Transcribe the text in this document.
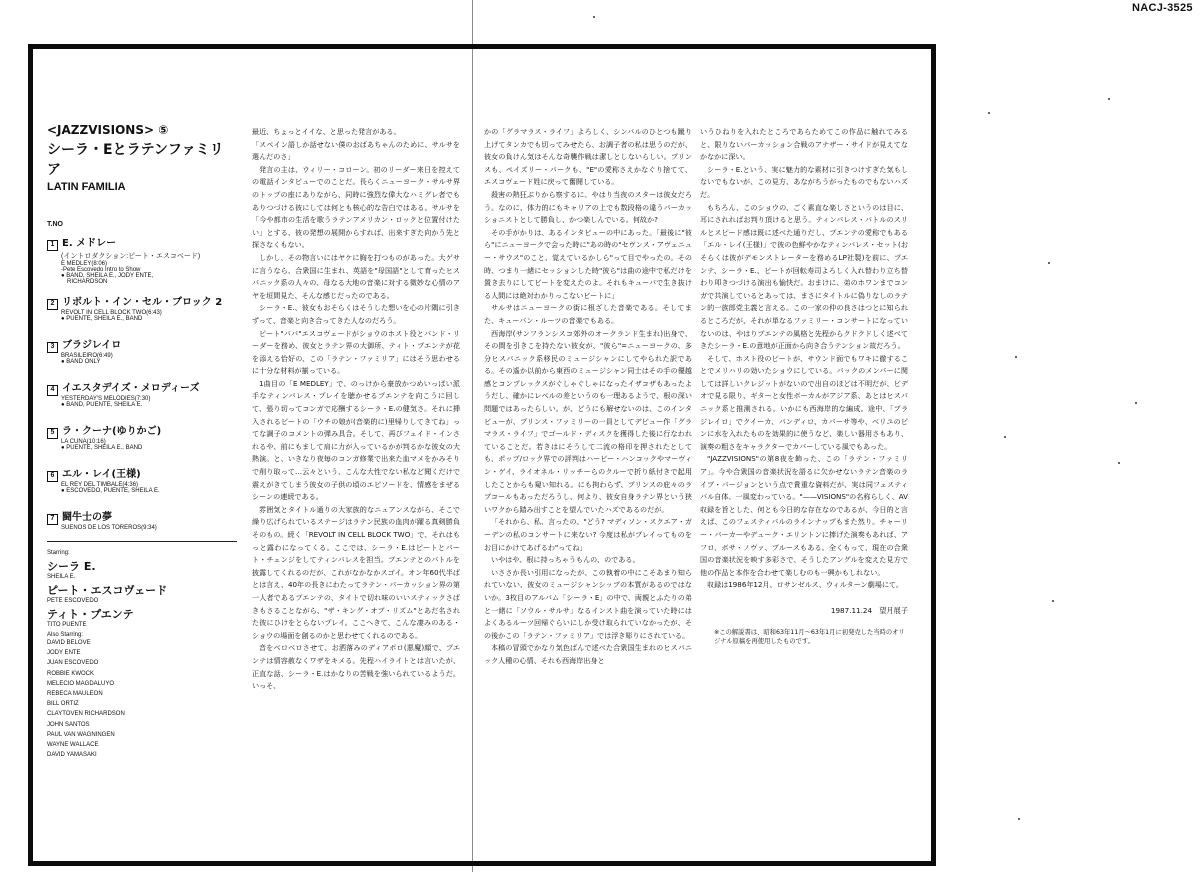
NACJ-3525
<JAZZVISIONS> ⑤
シーラ・Eとラテンファミリア
LATIN FAMILIA
T.NO
1 E. メドレー
(イントロダクション:ピート・エスコベード)
E MEDLEY(8:06)
-Pete Escovedo Intro to Show
● BAND, SHEILA E., JODY ENTE,
RICHARDSON
2 リボルト・イン・セル・ブロック 2
REVOLT IN CELL BLOCK TWO(6:43)
● PUENTE, SHEILA E., BAND
3 ブラジレイロ
BRASILEIRO(6:49)
● BAND ONLY
4 イエスタデイズ・メロディーズ
YESTERDAY'S MELODIES(7:30)
● BAND, PUENTE, SHEILA E.
5 ラ・クーナ(ゆりかご)
LA CUNA(10:16)
● PUENTE, SHEILA E., BAND
6 エル・レイ(王様)
EL REY DEL TIMBALE(4:36)
● ESCOVEDO, PUENTE, SHEILA E.
7 闘牛士の夢
SUENOS DE LOS TOREROS(9:34)
Starring:
シーラ E.
SHEILA E.
ピート・エスコヴェード
PETE ESCOVEDO
ティト・プエンテ
TITO PUENTE
Also Starring:
DAVID BELOVE
JODY ENTE
JUAN ESCOVEDO
ROBBIE KWOCK
MELECIO MAGDALUYO
REBECA MAULEON
BILL ORTIZ
CLAYTOVEN RICHARDSON
JOHN SANTOS
PAUL VAN WAGNINGEN
WAYNE WALLACE
DAVID YAMASAKI

最近、ちょっとイイな、と思った発言がある。

「スペイン語しか話せない僕のおばあちゃんのために、サルサを選んだのさ」

発言の主は、ウィリー・コローン。初のリーダー来日を控えての電話インタビューでのことだ。長らくニューヨーク・サルサ界のトップの座にありながら、同時に強烈な偉大なハミグレ者でもありつづける彼にしては何とも核心的な告白ではある。サルサを「今や都市の生活を歌うラテンアメリカン・ロックと位置付けたい」とする、彼の発想の展開からすれば、出来すぎた向かう先と探さなくもない。

しかし、その物言いにはヤケに胸を打つものがあった。大ゲサに言うなら、合衆国に生まれ、英語を"母国語"として育ったヒスパニック系の人々の、母なる大地の音楽に対する微妙な心情のアヤを垣間見た、そんな感じだったのである。

シーラ・E.、彼女もおそらくはそうした想いを心の片隅に引きずって、音楽と向き合ってきた人なのだろう。

ピート"パパ"エスコヴェードがショウのホスト役とバンド・リーダーを務め、彼女とラテン界の大御所、ティト・プエンテが花を添える恰好の、この「ラテン・ファミリア」にはそう思わせるに十分な材料が揃っている。

1曲目の「E MEDLEY」で、のっけから豪放かつめいっぱい派手なティンバレス・プレイを聴かせるプエンテを向こうに回して、張り切ってコンガで応酬するシーラ・E.の健気さ。それに挿入されるピートの「ウチの娘が(音楽的に)里帰りしてきてね」ってな調子のコメントの弾み具合。そして、再びフェイド・インされるや、前にもまして肩に力が入っているかが判るかな彼女の大熱演。と、いきなり夜毎のコンガ修業で出来た血マメをかみそりで削り取って…云々という、こんな大性でない私など聞くだけで震えがきてしまう彼女の子供の頃のエピソードを、情感をまぜるシーンの連続である。

雰囲気とタイトル通りの大家族的なニュアンスながら、そこで繰り広げられているステージはラテン民族の血肉が躍る真剣勝負そのもの。続く「REVOLT IN CELL BLOCK TWO」で、それはもっと露わになってくる。ここでは、シーラ・E.はピートとパート・チェンジをしてティンバレスを担当。プエンテとのバトルを披露してくれるのだが、これがなかなかスゴイ。オン年60代半ばとは言え、40年の長きにわたってラテン・パーカッション界の第一人者であるプエンテの、タイトで切れ味のいいスティックさばきもさることながら、"ザ・キング・オブ・リズム"とあだ名された彼にひけをとらないプレイ。ここへきて、こんな凄みのある・ショウの場面を創るのかと思わせてくれるのである。

音をベロベロさせて、お洒落みのディアボロ(悪魔)顔で、プエンテは情容赦なくワザをキメる。先程ハイライトとは言いたが、正直な話、シーラ・E.はかなりの苦戦を強いられているようだ。いっそ、

かの「グラマラス・ライフ」よろしく、シンバルのひとつも蹴り上げてタンカでも切ってみせたら、お調子者の私は思うのだが、彼女の負けん気はそんな奇襲作戦は潔しとしないらしい。プリンスも、ペイズリー・パークも、"E"の愛称さえかなぐり捨てて、エスコヴェード姓に戻って奮闘している。

殺害の熱狂ぶりから察するに、やはり当夜のスターは彼女だろう。なのに、体力的にもキャリアの上でも数段格の違うパーカッショニストとして勝負し、かつ楽しんでいる。何故か?

その手がかりは、あるインタビューの中にあった。「最後に"彼ら"にニューヨークで会った時に"あの時の"セヴンス・アヴェニュー・サウス"のこと、覚えているかしら"って目でやったの。その時、つまり一緒にセッションした時"彼ら"は曲の途中で私だけを置き去りにしてビートを変えたのよ。それもキューバで生き抜ける人間には絶対わかりっこないビートに」

サルサはニューヨークの街に根ざした音楽である。そしてまた、キューバン・ルーツの音楽でもある。

西海岸(サンフランシスコ郊外のオークランド生まれ)出身で、その間を引きこを持たない彼女が、"彼ら"=ニューヨークの、多分ヒスパニック系移民のミュージシャンにしてやられた訳である。その遙か以前から東西のミュージシャン同士はその手の優越感とコンプレックスがぐしゃぐしゃになったイザコザもあったようだし、確かにレベルの差というのも一理あるようで、根の深い問題ではあったらしい。が、どうにも解せないのは、このインタビューが、プリンス・ファミリーの一員としてデビュー作「グラマラス・ライフ」でゴールド・ディスクを獲得した後に行なわれていることだ。若きはにそうして二流の格印を押されたとしても、ポップ/ロック界での評判はハービー・ハンコックやマーヴィン・ゲイ、ライオネル・リッチーらのクルーで折り紙付きで起用したことからも窺い知れる。にも拘わらず、プリンスの庇々のラブコールもあっただろうし、何より、彼女自身ラテン界という狭いワクから踏み出すことを望んでいたハズであるのだが。

「それから、私、言ったの、"どう? マディソン・スクエア・ガーデンの私のコンサートに来ない? 今度は私がプレイってものをお目にかけてあげるわ"ってね」

いやはや、根に持っちゃうもんの、のである。

いささか長い引用になったが、この執着の中にこそあまり知られていない、彼女のミュージシャンシップの本質があるのではないか。3枚目のアルバム「シーラ・E」の中で、両親とふたりの弟と一緒に「ソウル・サルサ」なるインスト曲を演っていた時にはよくあるルーツ回帰ぐらいにしか受け取られていなかったが、その後かこの「ラテン・ファミリア」では浮き彫りにされている。

本稿の冒頭でかなり気色ばんで述べた合衆国生まれのヒスパニック人種の心情、それも西海岸出身と

いうひねりを入れたところであらためてこの作品に触れてみると、限りないパーカッション合戦のアナザー・サイドが見えてなかなかに深い。

シーラ・E.という、実に魅力的な素材に引きつけすぎた気もしないでもないが、この見方、あながちうがったものでもないハズだ。

もちろん、このショウの、ごく素直な楽しさというのは目に、耳にされればお判り頂けると思う。ティンバレス・バトルのスリルとスピード感は既に述べた通りだし、プエンテの愛称でもある「エル・レイ(王様)」で彼の色鮮やかなティンバレス・セット(おそらくは彼がデモンストレーターを務めるLP社製)を前に、プエンテ、シーラ・E.、ピートが回転寿司よろしく入れ替わり立ち替わり叩きつづける演出も愉快だ。おまけに、弟のホワンまでコンガで共演しているとあっては、まさにタイトルに偽りなしのラテン的一族郎党主義と言える。この一家の仲の良さはつとに知られるところだが、それが単なるファミリー・コンサートになっていないのは、やはりプエンテの風格と先程からクドクドしく述べてきたシーラ・E.の意地が正面から向き合うテンション故だろう。

そして、ホスト役のピートが、サウンド面でもワキに徹することでメリハリの効いたショウにしている。バックのメンバーに関しては詳しいクレジットがないので出自のほどは不明だが、ビデオで見る限り、ギターと女性ボーカルがアジア系、あとはヒスパニック系と推測される。いかにも西海岸的な編成。途中、「ブラジレイロ」でクイーカ、パンディロ、カバーサ等や、ベリユのピンに水を入れたものを効果的に使うなど、楽しい器用さもあり、演奏の粗さをキャラクターでカバーしている風でもあった。

"JAZZVISIONS"の第8夜を飾った、この「ラテン・ファミリア」。今や合衆国の音楽状況を語るに欠かせないラテン音楽のライブ・バージョンという点で貴重な資料だが、実は同フェスティバル自体、一風変わっている。"——VISIONS"の名称らしく、AV収録を旨とした、何とも今日的な存在なのであるが、今日的と言えば、このフェスティバルのラインナップもまた然り。チャーリー・パーカーやデューク・エリントンに捧げた演奏もあれば、アフロ、ボサ・ノヴァ、ブルースもある。全くもって、現在の合衆国の音楽状況を映す多彩さで、そうしたアングルを変えた見方で他の作品と本作を合わせて楽しむのも一興かもしれない。

収録は1986年12月、ロサンゼルス、ウィルターン劇場にて。

1987.11.24　望月展子
※この解説書は、昭和63年11月〜63年1月に初発売した当時のオリジナル原稿を再使用したものです。
